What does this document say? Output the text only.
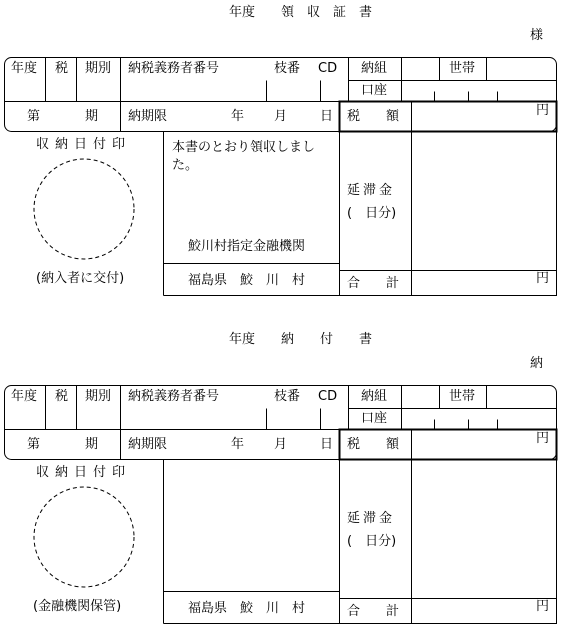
年度　　領　収　証　書
様
年度 税 期別 納税義務者番号	枝番 CD 納組	世帯
口座
第	期 納期限	年 月	日 税　　額	円
収納日付印
(納入者に交付)
本書のとおり領収しました。
鮫川村指定金融機関
福島県　鮫　川　村
延滞金
(　日分)
合　　計	円
年度　　納　　付　　書
納
年度 税 期別 納税義務者番号	枝番 CD 納組	世帯
口座
第	期 納期限	年 月	日 税　　額	円
収納日付印
(金融機関保管)	福島県　鮫　川　村
延滞金
(　日分)
合　　計	円
